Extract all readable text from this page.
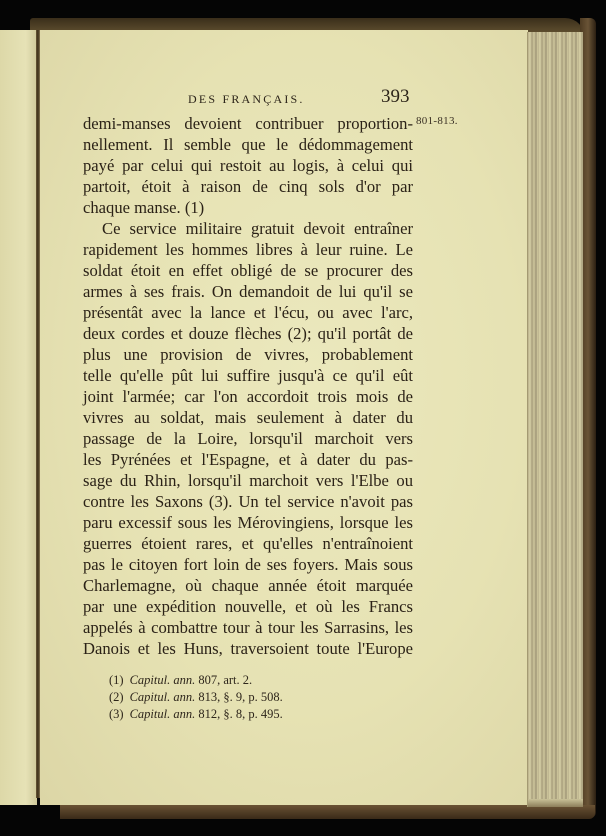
DES FRANÇAIS.	393
801-813.
demi-manses devoient contribuer proportion-
nellement. Il semble que le dédommagement
payé par celui qui restoit au logis, à celui qui
partoit, étoit à raison de cinq sols d'or par
chaque manse. (1)
Ce service militaire gratuit devoit entraîner
rapidement les hommes libres à leur ruine. Le
soldat étoit en effet obligé de se procurer des
armes à ses frais. On demandoit de lui qu'il se
présentât avec la lance et l'écu, ou avec l'arc,
deux cordes et douze flèches (2); qu'il portât de
plus une provision de vivres, probablement
telle qu'elle pût lui suffire jusqu'à ce qu'il eût
joint l'armée; car l'on accordoit trois mois de
vivres au soldat, mais seulement à dater du
passage de la Loire, lorsqu'il marchoit vers
les Pyrénées et l'Espagne, et à dater du pas-
sage du Rhin, lorsqu'il marchoit vers l'Elbe ou
contre les Saxons (3). Un tel service n'avoit pas
paru excessif sous les Mérovingiens, lorsque les
guerres étoient rares, et qu'elles n'entraînoient
pas le citoyen fort loin de ses foyers. Mais sous
Charlemagne, où chaque année étoit marquée
par une expédition nouvelle, et où les Francs
appelés à combattre tour à tour les Sarrasins, les
Danois et les Huns, traversoient toute l'Europe
(1) Capitul. ann. 807, art. 2.
(2) Capitul. ann. 813, §. 9, p. 508.
(3) Capitul. ann. 812, §. 8, p. 495.
